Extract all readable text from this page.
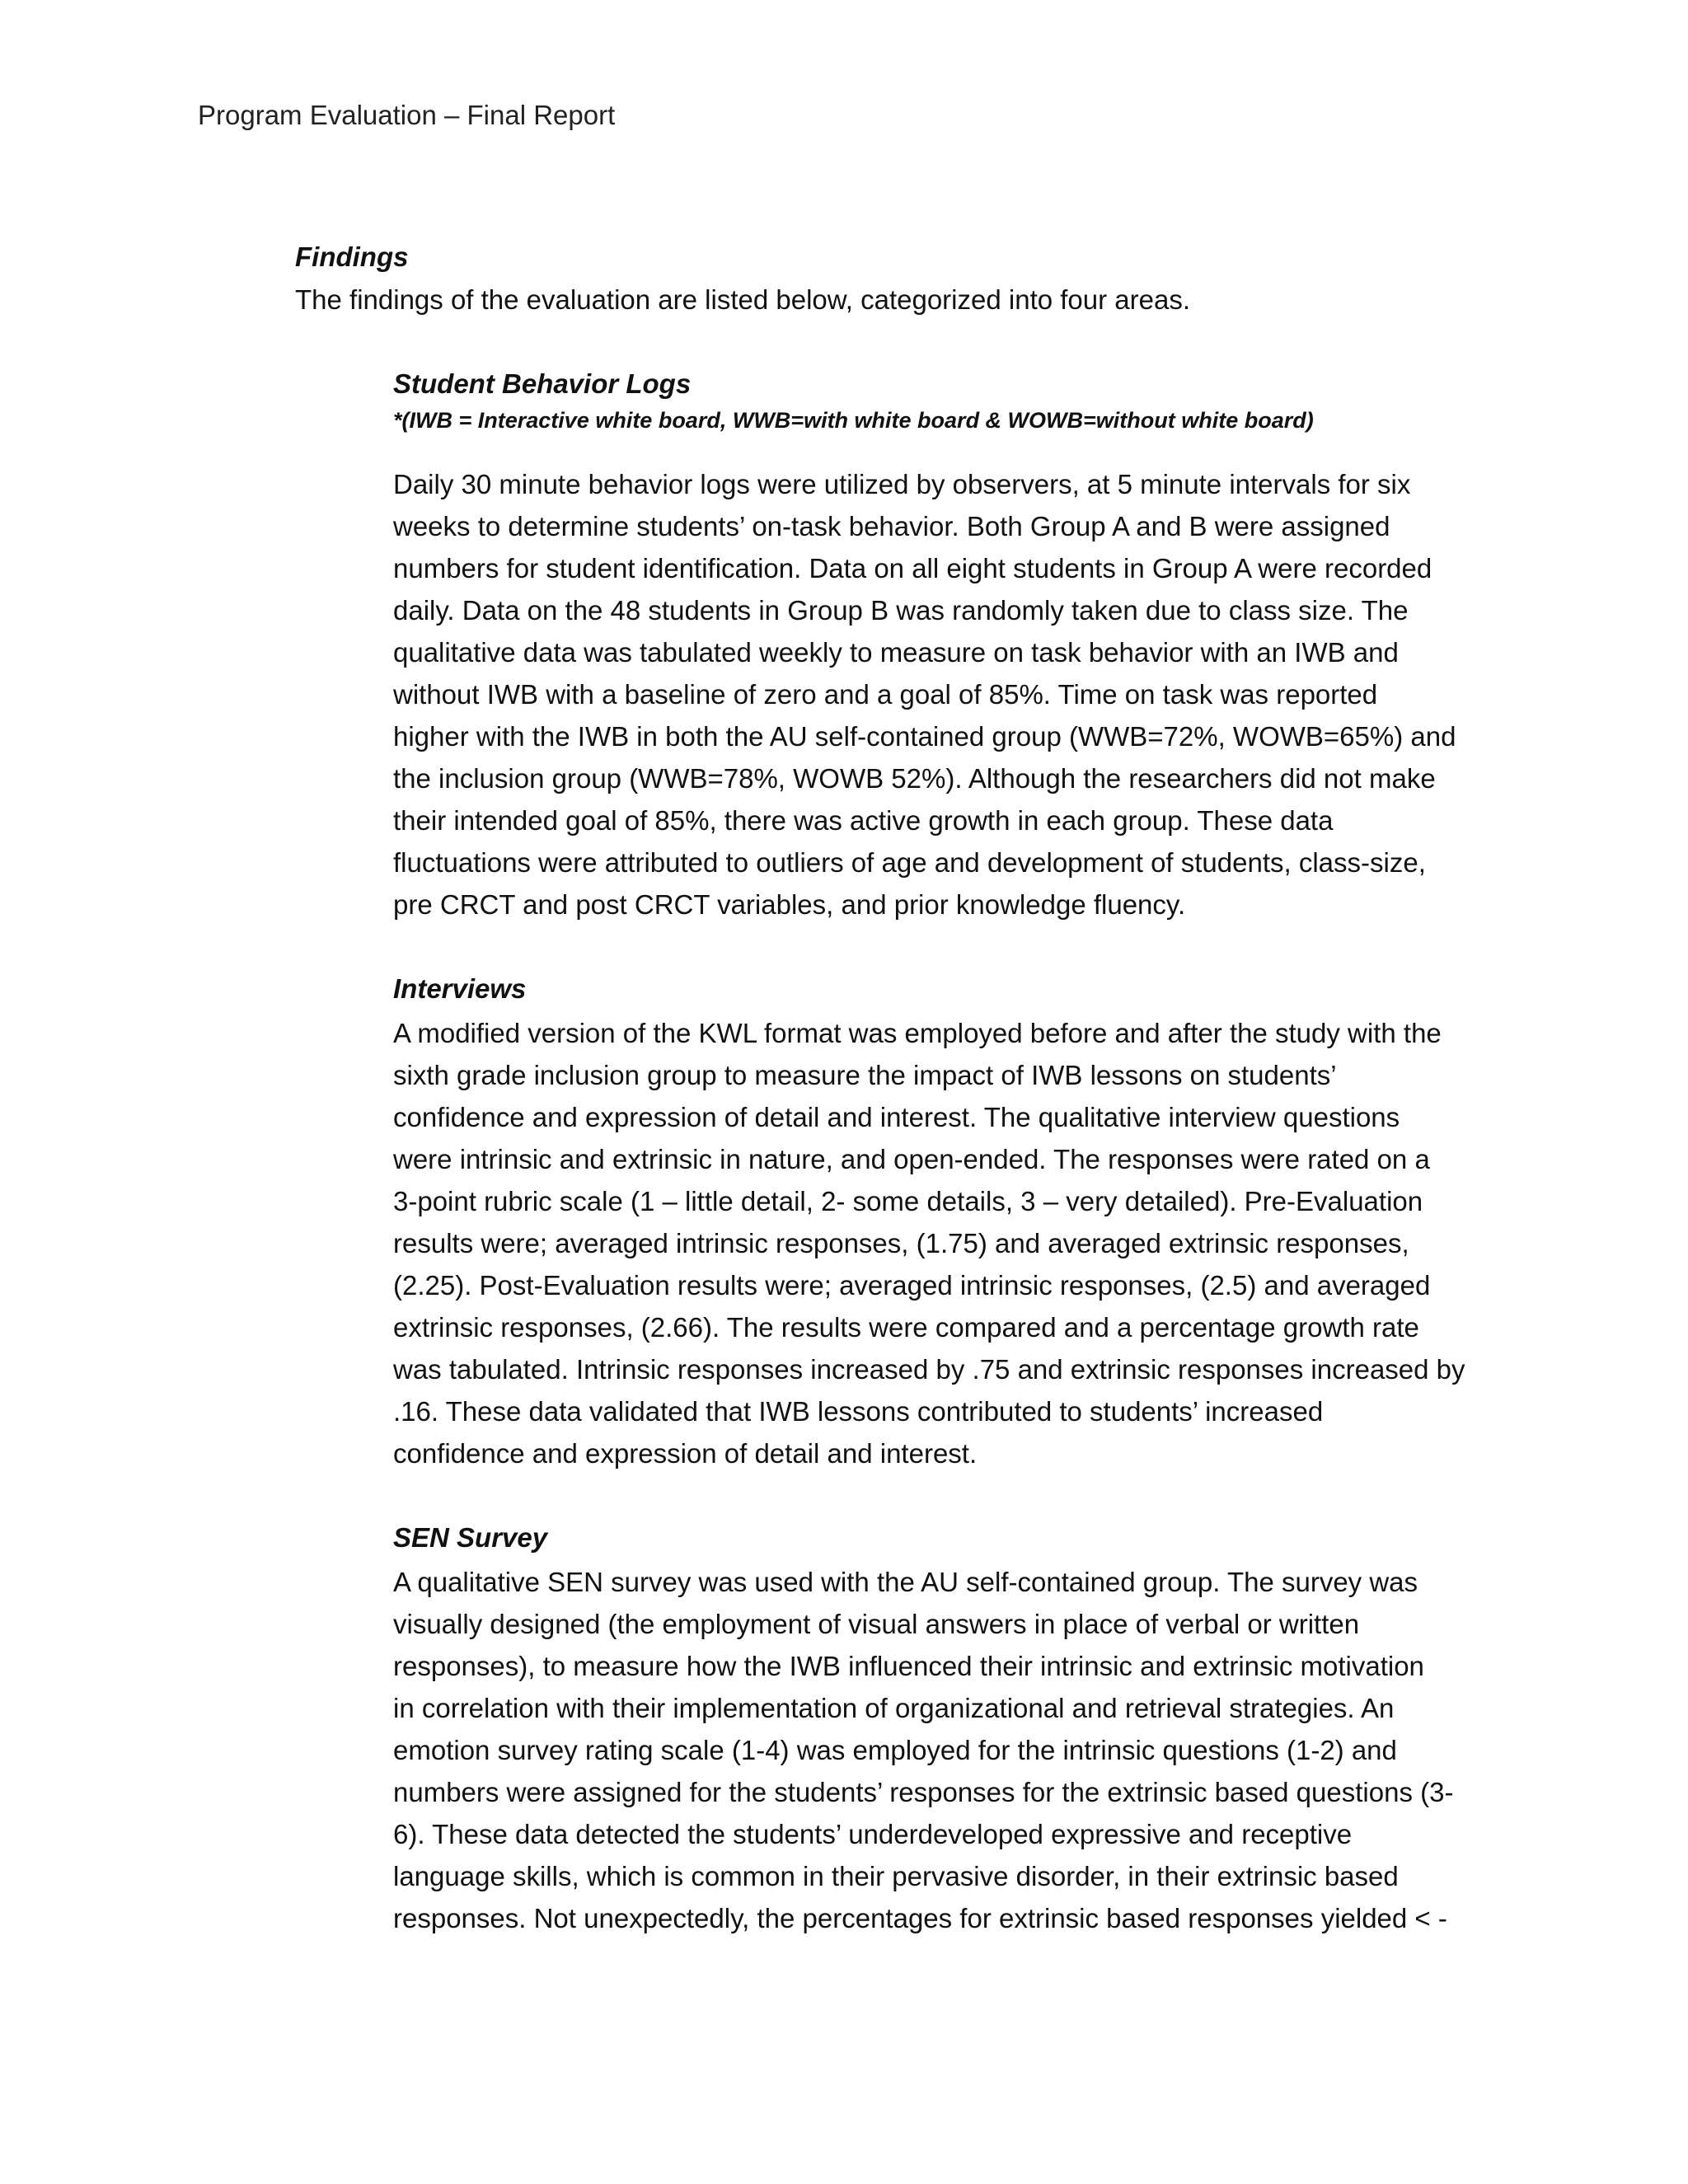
Program Evaluation – Final Report
Findings

The findings of the evaluation are listed below, categorized into four areas.

Student Behavior Logs

*(IWB = Interactive white board, WWB=with white board & WOWB=without white board)

Daily 30 minute behavior logs were utilized by observers, at 5 minute intervals for six
weeks to determine students’ on-task behavior. Both Group A and B were assigned
numbers for student identification. Data on all eight students in Group A were recorded
daily. Data on the 48 students in Group B was randomly taken due to class size. The
qualitative data was tabulated weekly to measure on task behavior with an IWB and
without IWB with a baseline of zero and a goal of 85%. Time on task was reported
higher with the IWB in both the AU self-contained group (WWB=72%, WOWB=65%) and
the inclusion group (WWB=78%, WOWB 52%). Although the researchers did not make
their intended goal of 85%, there was active growth in each group. These data
fluctuations were attributed to outliers of age and development of students, class-size,
pre CRCT and post CRCT variables, and prior knowledge fluency.

Interviews

A modified version of the KWL format was employed before and after the study with the
sixth grade inclusion group to measure the impact of IWB lessons on students’
confidence and expression of detail and interest. The qualitative interview questions
were intrinsic and extrinsic in nature, and open-ended. The responses were rated on a
3-point rubric scale (1 – little detail, 2- some details, 3 – very detailed). Pre-Evaluation
results were; averaged intrinsic responses, (1.75) and averaged extrinsic responses,
(2.25). Post-Evaluation results were; averaged intrinsic responses, (2.5) and averaged
extrinsic responses, (2.66). The results were compared and a percentage growth rate
was tabulated. Intrinsic responses increased by .75 and extrinsic responses increased by
.16. These data validated that IWB lessons contributed to students’ increased
confidence and expression of detail and interest.

SEN Survey

A qualitative SEN survey was used with the AU self-contained group. The survey was
visually designed (the employment of visual answers in place of verbal or written
responses), to measure how the IWB influenced their intrinsic and extrinsic motivation
in correlation with their implementation of organizational and retrieval strategies. An
emotion survey rating scale (1-4) was employed for the intrinsic questions (1-2) and
numbers were assigned for the students’ responses for the extrinsic based questions (3-
6). These data detected the students’ underdeveloped expressive and receptive
language skills, which is common in their pervasive disorder, in their extrinsic based
responses. Not unexpectedly, the percentages for extrinsic based responses yielded < -
